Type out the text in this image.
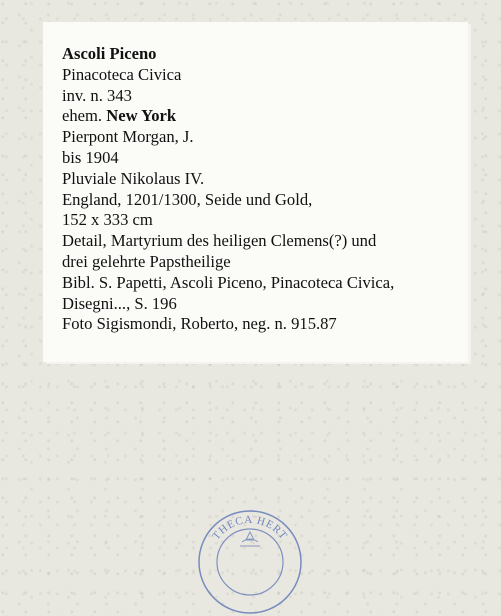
Ascoli Piceno
Pinacoteca Civica
inv. n. 343
ehem. New York
Pierpont Morgan, J.
bis 1904
Pluviale Nikolaus IV.
England, 1201/1300, Seide und Gold,
152 x 333 cm
Detail, Martyrium des heiligen Clemens(?) und
drei gelehrte Papstheilige
Bibl. S. Papetti, Ascoli Piceno, Pinacoteca Civica,
Disegni..., S. 196
Foto Sigismondi, Roberto, neg. n. 915.87
THECA HERT
